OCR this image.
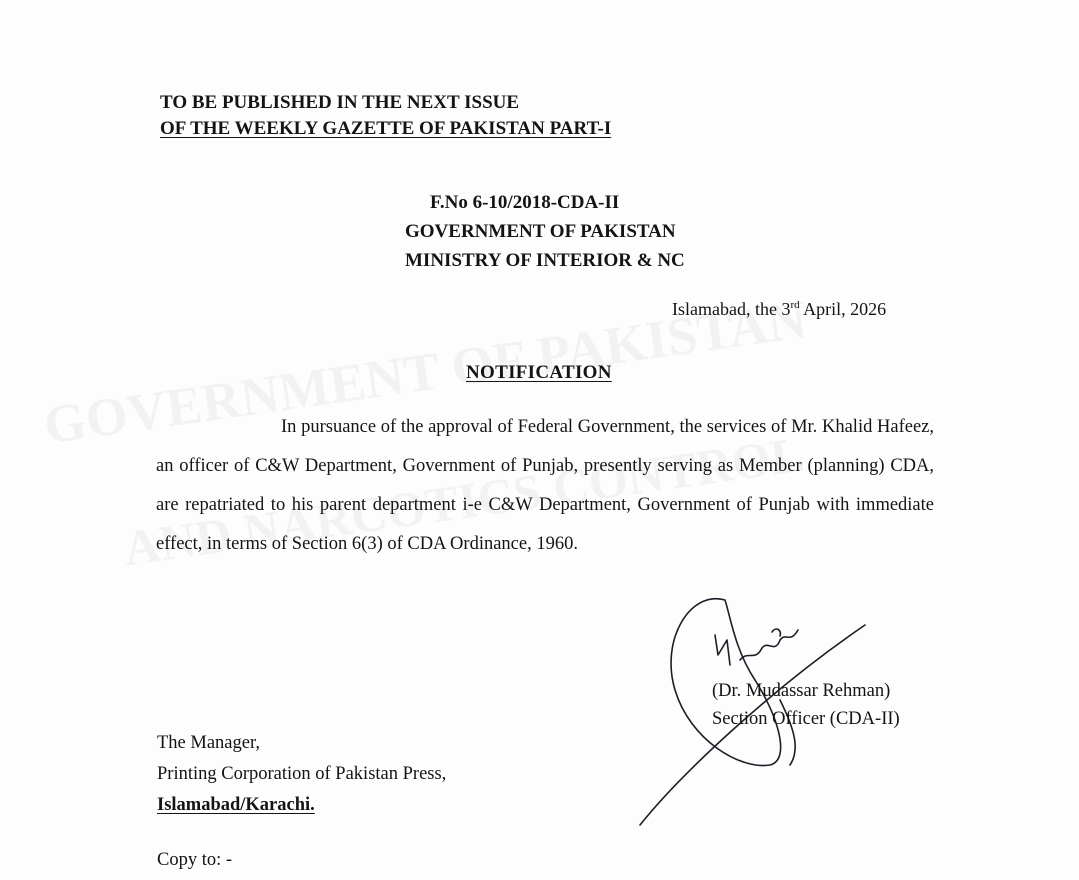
TO BE PUBLISHED IN THE NEXT ISSUE
OF THE WEEKLY GAZETTE OF PAKISTAN PART-I
F.No 6-10/2018-CDA-II
GOVERNMENT OF PAKISTAN
MINISTRY OF INTERIOR & NC
Islamabad, the 3rd April, 2026
NOTIFICATION

In pursuance of the approval of Federal Government, the services of Mr. Khalid Hafeez, an officer of C&W Department, Government of Punjab, presently serving as Member (planning) CDA, are repatriated to his parent department i-e C&W Department, Government of Punjab with immediate effect, in terms of Section 6(3) of CDA Ordinance, 1960.

(Dr. Mudassar Rehman)
Section Officer (CDA-II)
The Manager,
Printing Corporation of Pakistan Press,
Islamabad/Karachi.
Copy to: -
